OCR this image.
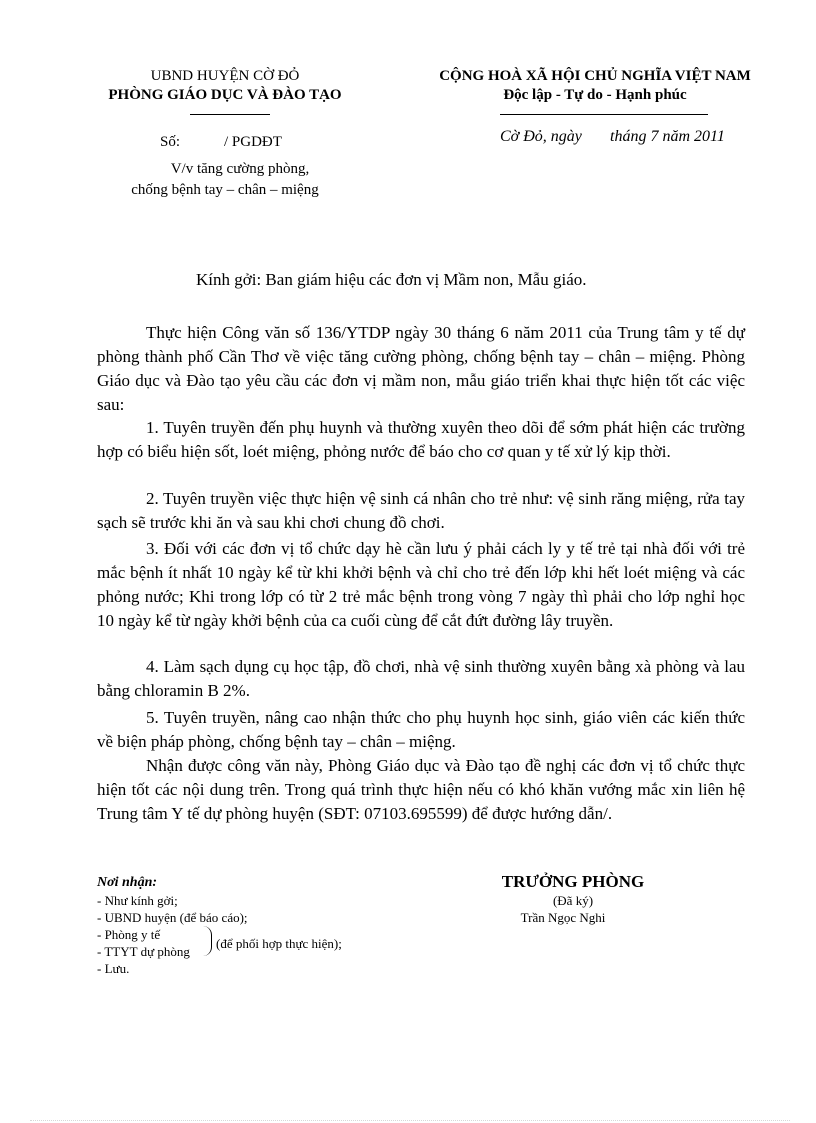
UBND HUYỆN CỜ ĐỎ
PHÒNG GIÁO DỤC VÀ ĐÀO TẠO
Số:	/ PGDĐT
V/v tăng cường phòng,
chống bệnh tay – chân – miệng
CỘNG HOÀ XÃ HỘI CHỦ NGHĨA VIỆT NAM
Độc lập - Tự do - Hạnh phúc
Cờ Đỏ, ngày tháng 7 năm 2011
Kính gởi: Ban giám hiệu các đơn vị Mầm non, Mẫu giáo.
Thực hiện Công văn số 136/YTDP ngày 30 tháng 6 năm 2011 của Trung tâm y tế dự phòng thành phố Cần Thơ về việc tăng cường phòng, chống bệnh tay – chân – miệng. Phòng Giáo dục và Đào tạo yêu cầu các đơn vị mầm non, mẫu giáo triển khai thực hiện tốt các việc sau:
1. Tuyên truyền đến phụ huynh và thường xuyên theo dõi để sớm phát hiện các trường hợp có biểu hiện sốt, loét miệng, phỏng nước để báo cho cơ quan y tế xử lý kịp thời.
2. Tuyên truyền việc thực hiện vệ sinh cá nhân cho trẻ như: vệ sinh răng miệng, rửa tay sạch sẽ trước khi ăn và sau khi chơi chung đồ chơi.
3. Đối với các đơn vị tổ chức dạy hè cần lưu ý phải cách ly y tế trẻ tại nhà đối với trẻ mắc bệnh ít nhất 10 ngày kể từ khi khởi bệnh và chỉ cho trẻ đến lớp khi hết loét miệng và các phỏng nước; Khi trong lớp có từ 2 trẻ mắc bệnh trong vòng 7 ngày thì phải cho lớp nghỉ học 10 ngày kể từ ngày khởi bệnh của ca cuối cùng để cắt đứt đường lây truyền.
4. Làm sạch dụng cụ học tập, đồ chơi, nhà vệ sinh thường xuyên bằng xà phòng và lau bằng chloramin B 2%.
5. Tuyên truyền, nâng cao nhận thức cho phụ huynh học sinh, giáo viên các kiến thức về biện pháp phòng, chống bệnh tay – chân – miệng.
Nhận được công văn này, Phòng Giáo dục và Đào tạo đề nghị các đơn vị tổ chức thực hiện tốt các nội dung trên. Trong quá trình thực hiện nếu có khó khăn vướng mắc xin liên hệ Trung tâm Y tế dự phòng huyện (SĐT: 07103.695599) để được hướng dẫn/.
Nơi nhận:
- Như kính gởi;
- UBND huyện (để báo cáo);
- Phòng y tế
- TTYT dự phòng
- Lưu.
(để phối hợp thực hiện);
TRƯỞNG PHÒNG
(Đã ký)
Trần Ngọc Nghi
